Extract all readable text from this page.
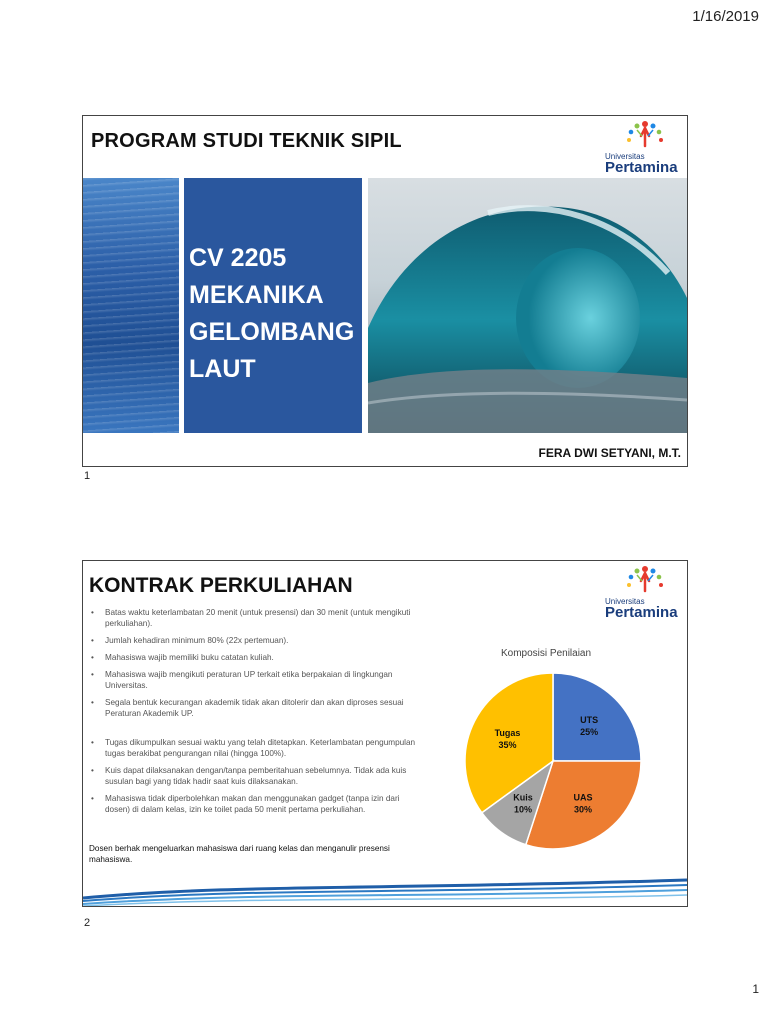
1/16/2019
PROGRAM STUDI TEKNIK SIPIL
Universitas
Pertamina
CV 2205
MEKANIKA
GELOMBANG
LAUT
FERA DWI SETYANI, M.T.
1
KONTRAK PERKULIAHAN
Universitas
Pertamina
• Batas waktu keterlambatan 20 menit (untuk presensi) dan 30 menit (untuk mengikuti perkuliahan).
• Jumlah kehadiran minimum 80% (22x pertemuan).
• Mahasiswa wajib memiliki buku catatan kuliah.
• Mahasiswa wajib mengikuti peraturan UP terkait etika berpakaian di lingkungan Universitas.
• Segala bentuk kecurangan akademik tidak akan ditolerir dan akan diproses sesuai Peraturan Akademik UP.
• Tugas dikumpulkan sesuai waktu yang telah ditetapkan. Keterlambatan pengumpulan tugas berakibat pengurangan nilai (hingga 100%).
• Kuis dapat dilaksanakan dengan/tanpa pemberitahuan sebelumnya. Tidak ada kuis susulan bagi yang tidak hadir saat kuis dilaksanakan.
• Mahasiswa tidak diperbolehkan makan dan menggunakan gadget (tanpa izin dari dosen) di dalam kelas, izin ke toilet pada 50 menit pertama perkuliahan.
Dosen berhak mengeluarkan mahasiswa dari ruang kelas dan menganulir presensi mahasiswa.
Komposisi Penilaian
UTS
25%
UAS
30%
Kuis
10%
Tugas
35%
2
1
